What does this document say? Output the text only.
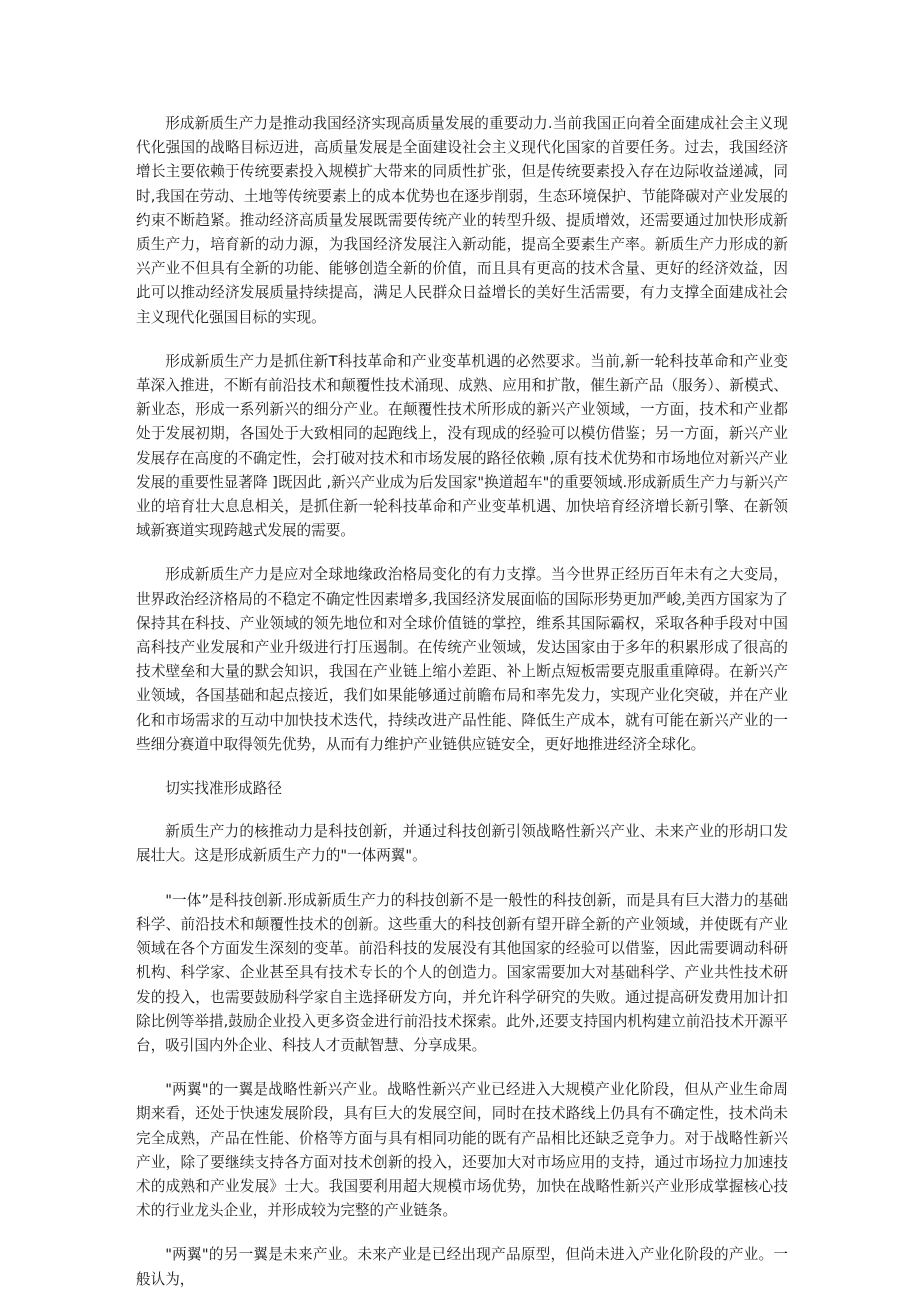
形成新质生产力是推动我国经济实现高质量发展的重要动力.当前我国正向着全面建成社会主义现代化强国的战略目标迈进，高质量发展是全面建设社会主义现代化国家的首要任务。过去，我国经济增长主要依赖于传统要素投入规模扩大带来的同质性扩张，但是传统要素投入存在边际收益递减，同时,我国在劳动、土地等传统要素上的成本优势也在逐步削弱，生态环境保护、节能降碳对产业发展的约束不断趋紧。推动经济高质量发展既需要传统产业的转型升级、提质增效，还需要通过加快形成新质生产力，培育新的动力源，为我国经济发展注入新动能，提高全要素生产率。新质生产力形成的新兴产业不但具有全新的功能、能够创造全新的价值，而且具有更高的技术含量、更好的经济效益，因此可以推动经济发展质量持续提高，满足人民群众日益增长的美好生活需要，有力支撑全面建成社会主义现代化强国目标的实现。

形成新质生产力是抓住新T科技革命和产业变革机遇的必然要求。当前,新一轮科技革命和产业变革深入推进，不断有前沿技术和颠覆性技术涌现、成熟、应用和扩散，催生新产品（服务）、新模式、新业态，形成一系列新兴的细分产业。在颠覆性技术所形成的新兴产业领域，一方面，技术和产业都处于发展初期，各国处于大致相同的起跑线上，没有现成的经验可以模仿借鉴；另一方面，新兴产业发展存在高度的不确定性，会打破对技术和市场发展的路径依赖 ,原有技术优势和市场地位对新兴产业发展的重要性显著降 ]既因此 ,新兴产业成为后发国家"换道超车"的重要领域.形成新质生产力与新兴产业的培育壮大息息相关，是抓住新一轮科技革命和产业变革机遇、加快培育经济增长新引擎、在新领域新赛道实现跨越式发展的需要。

形成新质生产力是应对全球地缘政治格局变化的有力支撑。当今世界正经历百年未有之大变局，世界政治经济格局的不稳定不确定性因素增多,我国经济发展面临的国际形势更加严峻,美西方国家为了保持其在科技、产业领域的领先地位和对全球价值链的掌控，维系其国际霸权，采取各种手段对中国高科技产业发展和产业升级进行打压遏制。在传统产业领域，发达国家由于多年的积累形成了很高的技术壁垒和大量的默会知识，我国在产业链上缩小差距、补上断点短板需要克服重重障碍。在新兴产业领域，各国基础和起点接近，我们如果能够通过前瞻布局和率先发力，实现产业化突破，并在产业化和市场需求的互动中加快技术迭代，持续改进产品性能、降低生产成本，就有可能在新兴产业的一些细分赛道中取得领先优势，从而有力维护产业链供应链安全，更好地推进经济全球化。

切实找准形成路径

新质生产力的核推动力是科技创新，并通过科技创新引领战略性新兴产业、未来产业的形胡口发展壮大。这是形成新质生产力的"一体两翼"。

"一体”是科技创新.形成新质生产力的科技创新不是一般性的科技创新，而是具有巨大潜力的基础科学、前沿技术和颠覆性技术的创新。这些重大的科技创新有望开辟全新的产业领域，并使既有产业领域在各个方面发生深刻的变革。前沿科技的发展没有其他国家的经验可以借鉴，因此需要调动科研机构、科学家、企业甚至具有技术专长的个人的创造力。国家需要加大对基础科学、产业共性技术研发的投入，也需要鼓励科学家自主选择研发方向，并允许科学研究的失败。通过提高研发费用加计扣除比例等举措,鼓励企业投入更多资金进行前沿技术探索。此外,还要支持国内机构建立前沿技术开源平台，吸引国内外企业、科技人才贡献智慧、分享成果。

"两翼"的一翼是战略性新兴产业。战略性新兴产业已经进入大规模产业化阶段，但从产业生命周期来看，还处于快速发展阶段，具有巨大的发展空间，同时在技术路线上仍具有不确定性，技术尚未完全成熟，产品在性能、价格等方面与具有相同功能的既有产品相比还缺乏竞争力。对于战略性新兴产业，除了要继续支持各方面对技术创新的投入，还要加大对市场应用的支持，通过市场拉力加速技术的成熟和产业发展》士大。我国要利用超大规模市场优势，加快在战略性新兴产业形成掌握核心技术的行业龙头企业，并形成较为完整的产业链条。

"两翼"的另一翼是未来产业。未来产业是已经出现产品原型，但尚未进入产业化阶段的产业。一般认为，
